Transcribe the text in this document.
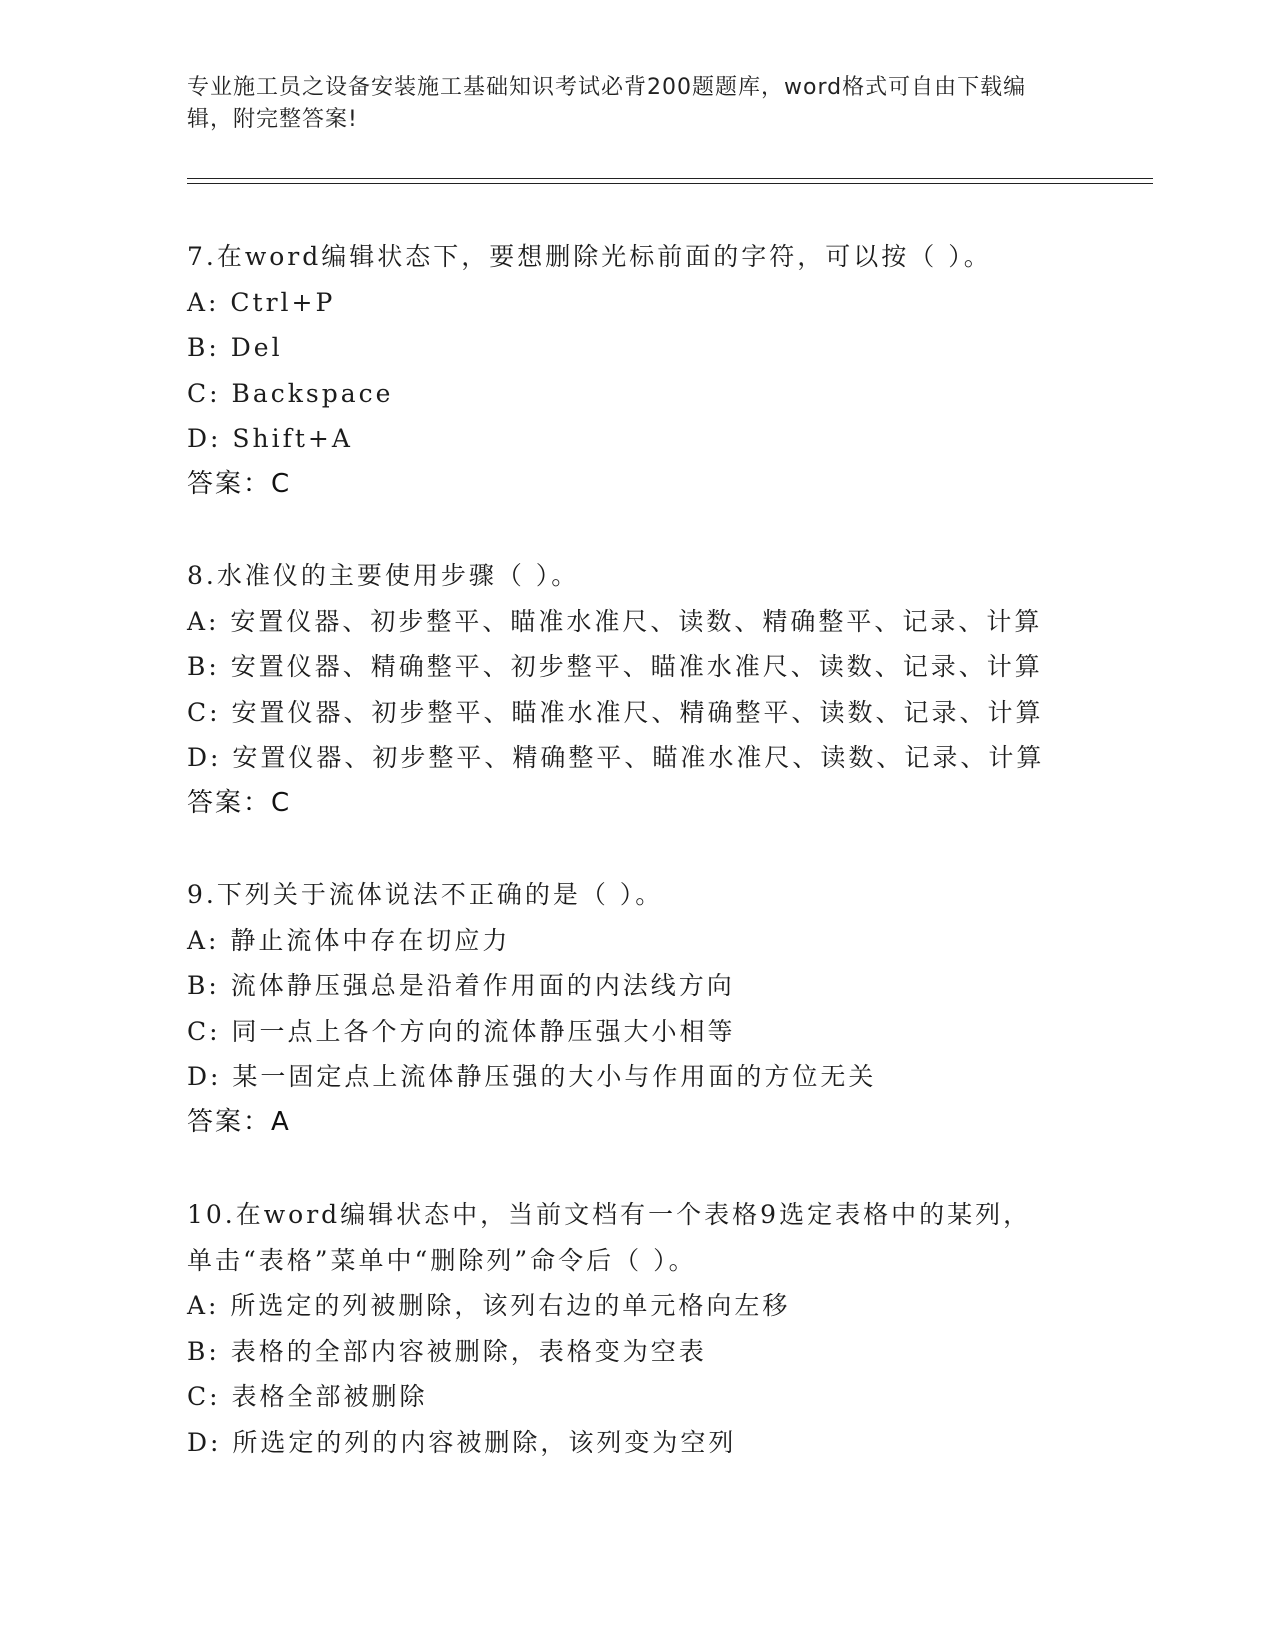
专业施工员之设备安装施工基础知识考试必背200题题库，word格式可自由下载编辑，附完整答案!
7.在word编辑状态下，要想删除光标前面的字符，可以按（ ）。
A: Ctrl+P
B: Del
C: Backspace
D: Shift+A
答案：C
8.水准仪的主要使用步骤（ ）。
A: 安置仪器、初步整平、瞄准水准尺、读数、精确整平、记录、计算
B: 安置仪器、精确整平、初步整平、瞄准水准尺、读数、记录、计算
C: 安置仪器、初步整平、瞄准水准尺、精确整平、读数、记录、计算
D: 安置仪器、初步整平、精确整平、瞄准水准尺、读数、记录、计算
答案：C
9.下列关于流体说法不正确的是（ ）。
A: 静止流体中存在切应力
B: 流体静压强总是沿着作用面的内法线方向
C: 同一点上各个方向的流体静压强大小相等
D: 某一固定点上流体静压强的大小与作用面的方位无关
答案：A
10.在word编辑状态中，当前文档有一个表格9选定表格中的某列，
单击“表格”菜单中“删除列”命令后（ ）。
A: 所选定的列被删除，该列右边的单元格向左移
B: 表格的全部内容被删除，表格变为空表
C: 表格全部被删除
D: 所选定的列的内容被删除，该列变为空列
